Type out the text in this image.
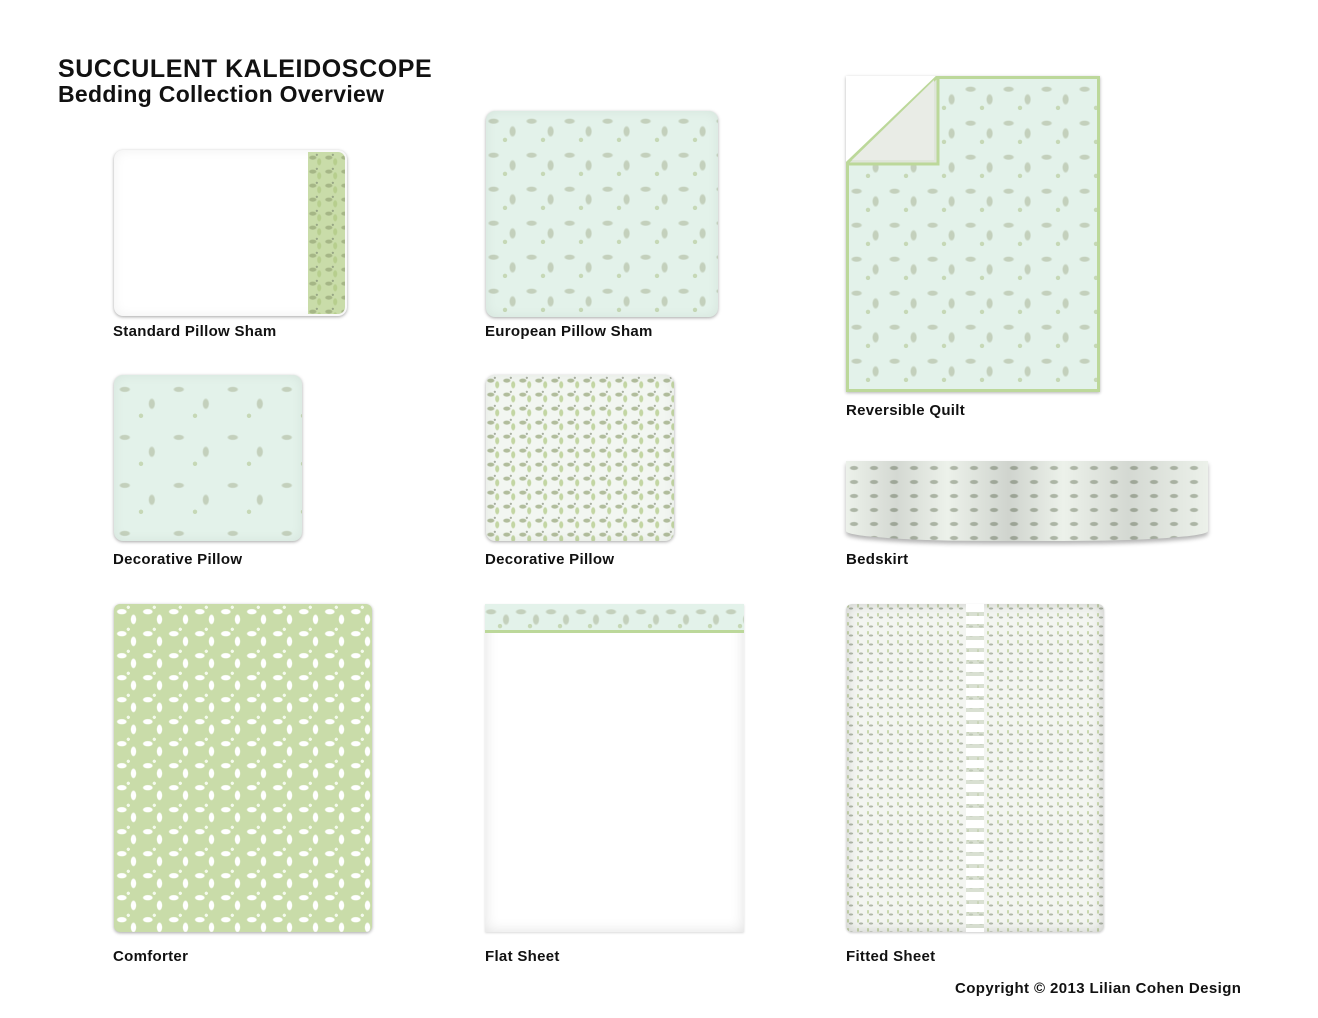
SUCCULENT KALEIDOSCOPE
Bedding Collection Overview
Standard Pillow Sham	European Pillow Sham
Reversible Quilt
Decorative Pillow	Decorative Pillow	Bedskirt
Comforter	Flat Sheet	Fitted Sheet
Copyright © 2013 Lilian Cohen Design
